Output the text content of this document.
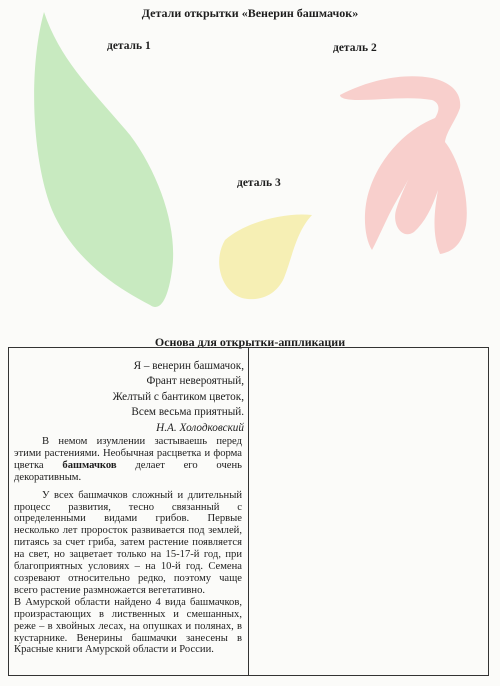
Детали открытки «Венерин башмачок»
деталь 1	деталь 2
деталь 3
Основа для открытки-аппликации
Я – венерин башмачок,
Франт невероятный,
Желтый с бантиком цветок,
Всем весьма приятный.
Н.А. Холодковский

В немом изумлении застываешь перед этими растениями. Необычная расцветка и форма цветка башмачков делает его очень декоративным.

У всех башмачков сложный и длительный процесс развития, тесно связанный с определенными видами грибов. Первые несколько лет проросток развивается под землей, питаясь за счет гриба, затем растение появляется на свет, но зацветает только на 15-17-й год, при благоприятных условиях – на 10-й год. Семена созревают относительно редко, поэтому чаще всего растение размножается вегетативно.

В Амурской области найдено 4 вида башмачков, произрастающих в лиственных и смешанных, реже – в хвойных лесах, на опушках и полянах, в кустарнике. Венерины башмачки занесены в Красные книги Амурской области и России.
